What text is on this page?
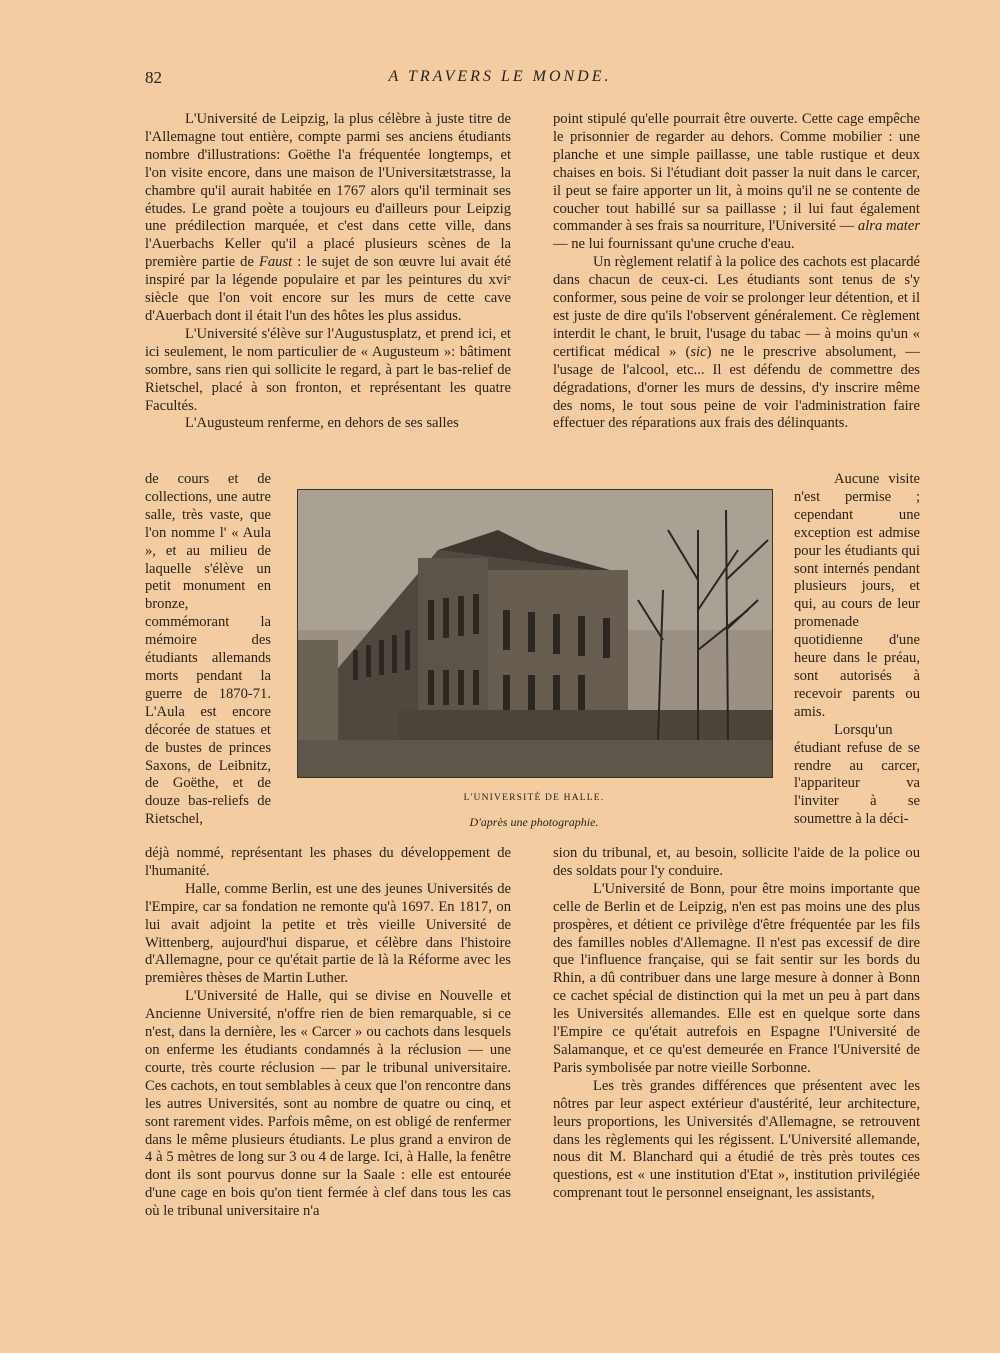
82	A TRAVERS LE MONDE.

L'Université de Leipzig, la plus célèbre à juste titre de l'Allemagne tout entière, compte parmi ses anciens étudiants nombre d'illustrations: Goëthe l'a fréquentée longtemps, et l'on visite encore, dans une maison de l'Universitætstrasse, la chambre qu'il aurait habitée en 1767 alors qu'il terminait ses études. Le grand poète a toujours eu d'ailleurs pour Leipzig une prédilection marquée, et c'est dans cette ville, dans l'Auerbachs Keller qu'il a placé plusieurs scènes de la première partie de Faust : le sujet de son œuvre lui avait été inspiré par la légende populaire et par les peintures du xviᵉ siècle que l'on voit encore sur les murs de cette cave d'Auerbach dont il était l'un des hôtes les plus assidus.

L'Université s'élève sur l'Augustusplatz, et prend ici, et ici seulement, le nom particulier de « Augusteum »: bâtiment sombre, sans rien qui sollicite le regard, à part le bas-relief de Rietschel, placé à son fronton, et représentant les quatre Facultés.

L'Augusteum renferme, en dehors de ses salles

de cours et de collections, une autre salle, très vaste, que l'on nomme l' « Aula », et au milieu de laquelle s'élève un petit monument en bronze, commémorant la mémoire des étudiants allemands morts pendant la guerre de 1870-71. L'Aula est encore décorée de statues et de bustes de princes Saxons, de Leibnitz, de Goëthe, et de douze bas-reliefs de Rietschel,

L'UNIVERSITÉ DE HALLE.
D'après une photographie.

déjà nommé, représentant les phases du développement de l'humanité.

Halle, comme Berlin, est une des jeunes Universités de l'Empire, car sa fondation ne remonte qu'à 1697. En 1817, on lui avait adjoint la petite et très vieille Université de Wittenberg, aujourd'hui disparue, et célèbre dans l'histoire d'Allemagne, pour ce qu'était partie de là la Réforme avec les premières thèses de Martin Luther.

L'Université de Halle, qui se divise en Nouvelle et Ancienne Université, n'offre rien de bien remarquable, si ce n'est, dans la dernière, les « Carcer » ou cachots dans lesquels on enferme les étudiants condamnés à la réclusion — une courte, très courte réclusion — par le tribunal universitaire. Ces cachots, en tout semblables à ceux que l'on rencontre dans les autres Universités, sont au nombre de quatre ou cinq, et sont rarement vides. Parfois même, on est obligé de renfermer dans le même plusieurs étudiants. Le plus grand a environ de 4 à 5 mètres de long sur 3 ou 4 de large. Ici, à Halle, la fenêtre dont ils sont pourvus donne sur la Saale : elle est entourée d'une cage en bois qu'on tient fermée à clef dans tous les cas où le tribunal universitaire n'a

point stipulé qu'elle pourrait être ouverte. Cette cage empêche le prisonnier de regarder au dehors. Comme mobilier : une planche et une simple paillasse, une table rustique et deux chaises en bois. Si l'étudiant doit passer la nuit dans le carcer, il peut se faire apporter un lit, à moins qu'il ne se contente de coucher tout habillé sur sa paillasse ; il lui faut également commander à ses frais sa nourriture, l'Université — alra mater — ne lui fournissant qu'une cruche d'eau.

Un règlement relatif à la police des cachots est placardé dans chacun de ceux-ci. Les étudiants sont tenus de s'y conformer, sous peine de voir se prolonger leur détention, et il est juste de dire qu'ils l'observent généralement. Ce règlement interdit le chant, le bruit, l'usage du tabac — à moins qu'un « certificat médical » (sic) ne le prescrive absolument, — l'usage de l'alcool, etc... Il est défendu de commettre des dégradations, d'orner les murs de dessins, d'y inscrire même des noms, le tout sous peine de voir l'administration faire effectuer des réparations aux frais des délinquants.

Aucune visite n'est permise ; cependant une exception est admise pour les étudiants qui sont internés pendant plusieurs jours, et qui, au cours de leur promenade quotidienne d'une heure dans le préau, sont autorisés à recevoir parents ou amis.

Lorsqu'un étudiant refuse de se rendre au carcer, l'appariteur va l'inviter à se soumettre à la déci-

sion du tribunal, et, au besoin, sollicite l'aide de la police ou des soldats pour l'y conduire.

L'Université de Bonn, pour être moins importante que celle de Berlin et de Leipzig, n'en est pas moins une des plus prospères, et détient ce privilège d'être fréquentée par les fils des familles nobles d'Allemagne. Il n'est pas excessif de dire que l'influence française, qui se fait sentir sur les bords du Rhin, a dû contribuer dans une large mesure à donner à Bonn ce cachet spécial de distinction qui la met un peu à part dans les Universités allemandes. Elle est en quelque sorte dans l'Empire ce qu'était autrefois en Espagne l'Université de Salamanque, et ce qu'est demeurée en France l'Université de Paris symbolisée par notre vieille Sorbonne.

Les très grandes différences que présentent avec les nôtres par leur aspect extérieur d'austérité, leur architecture, leurs proportions, les Universités d'Allemagne, se retrouvent dans les règlements qui les régissent. L'Université allemande, nous dit M. Blanchard qui a étudié de très près toutes ces questions, est « une institution d'Etat », institution privilégiée comprenant tout le personnel enseignant, les assistants,
